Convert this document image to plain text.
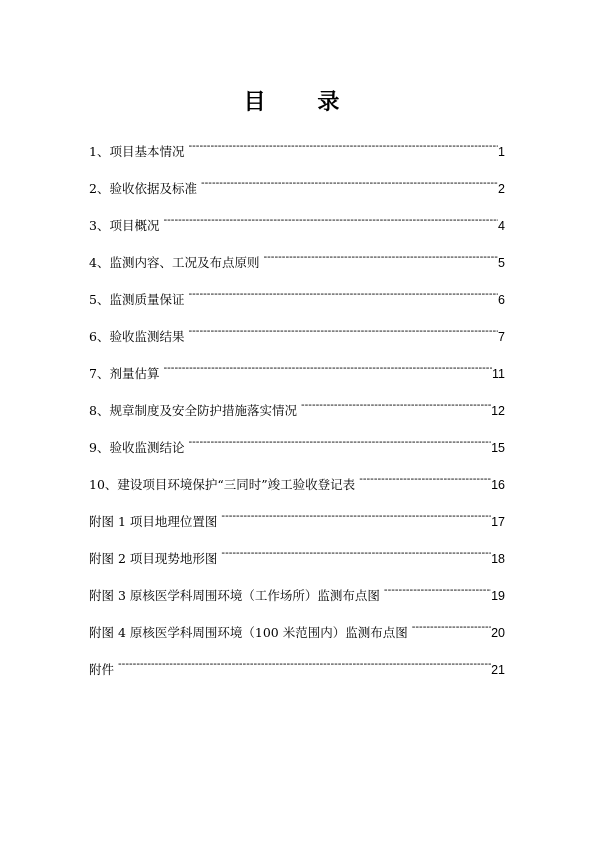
目 录
1、项目基本情况 -----	1
2、验收依据及标准 -----	2
3、项目概况 -----	4
4、监测内容、工况及布点原则 -----	5
5、监测质量保证 -----	6
6、验收监测结果 -----	7
7、剂量估算 -----	11
8、规章制度及安全防护措施落实情况 -----	12
9、验收监测结论 -----	15
10、建设项目环境保护“三同时”竣工验收登记表 -----	16
附图 1 项目地理位置图 -----	17
附图 2 项目现势地形图 -----	18
附图 3 原核医学科周围环境（工作场所）监测布点图 -----	19
附图 4 原核医学科周围环境（100 米范围内）监测布点图 -----	20
附件 -----	21
